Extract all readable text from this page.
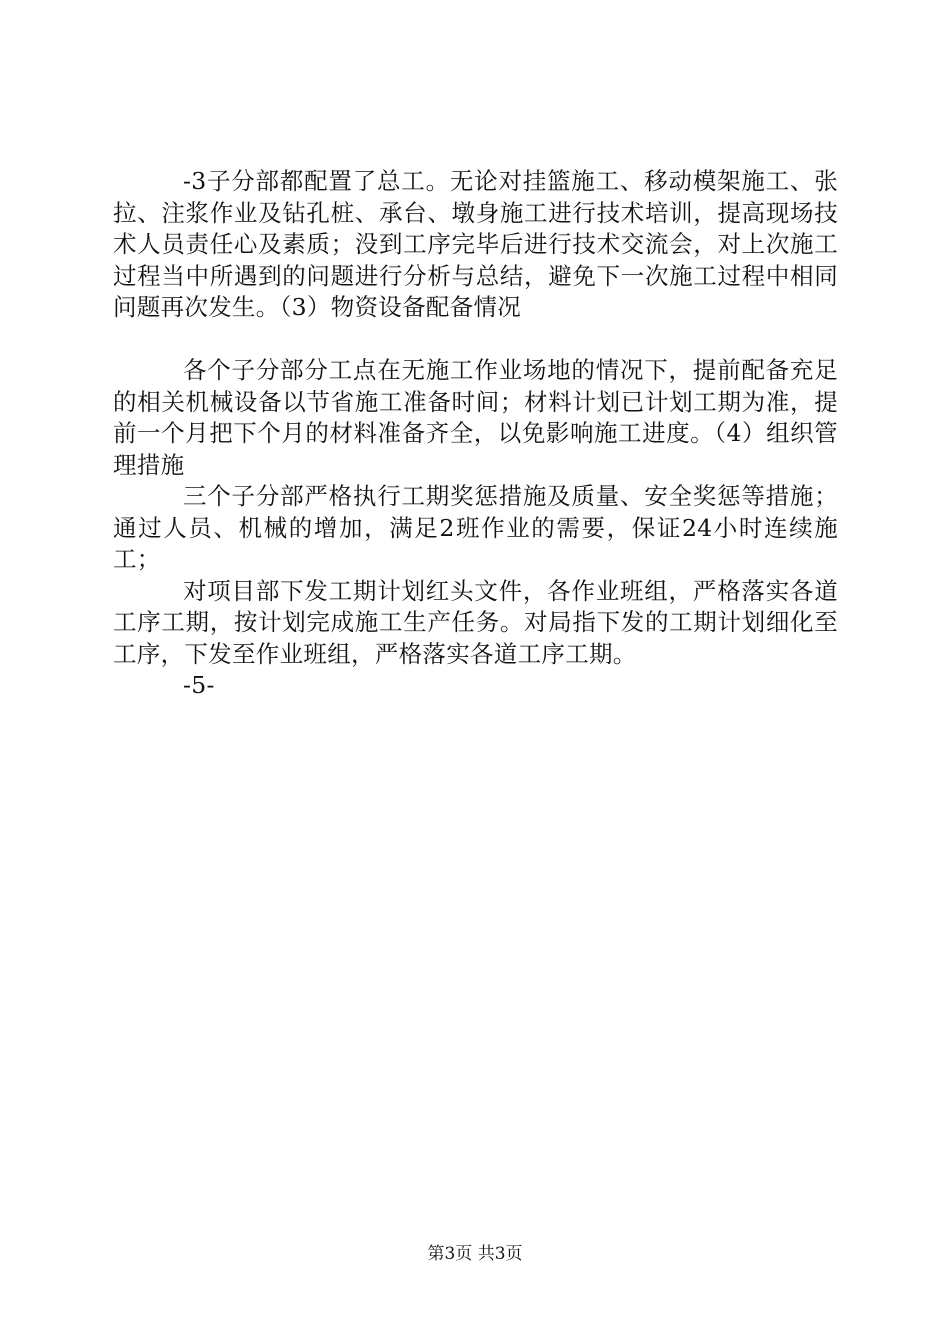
-3子分部都配置了总工。无论对挂篮施工、移动模架施工、张拉、注浆作业及钻孔桩、承台、墩身施工进行技术培训，提高现场技术人员责任心及素质；没到工序完毕后进行技术交流会，对上次施工过程当中所遇到的问题进行分析与总结，避免下一次施工过程中相同问题再次发生。（3）物资设备配备情况

各个子分部分工点在无施工作业场地的情况下，提前配备充足的相关机械设备以节省施工准备时间；材料计划已计划工期为准，提前一个月把下个月的材料准备齐全，以免影响施工进度。（4）组织管理措施

三个子分部严格执行工期奖惩措施及质量、安全奖惩等措施；通过人员、机械的增加，满足2班作业的需要，保证24小时连续施工；

对项目部下发工期计划红头文件，各作业班组，严格落实各道工序工期，按计划完成施工生产任务。对局指下发的工期计划细化至工序，下发至作业班组，严格落实各道工序工期。

-5-

第3页 共3页
